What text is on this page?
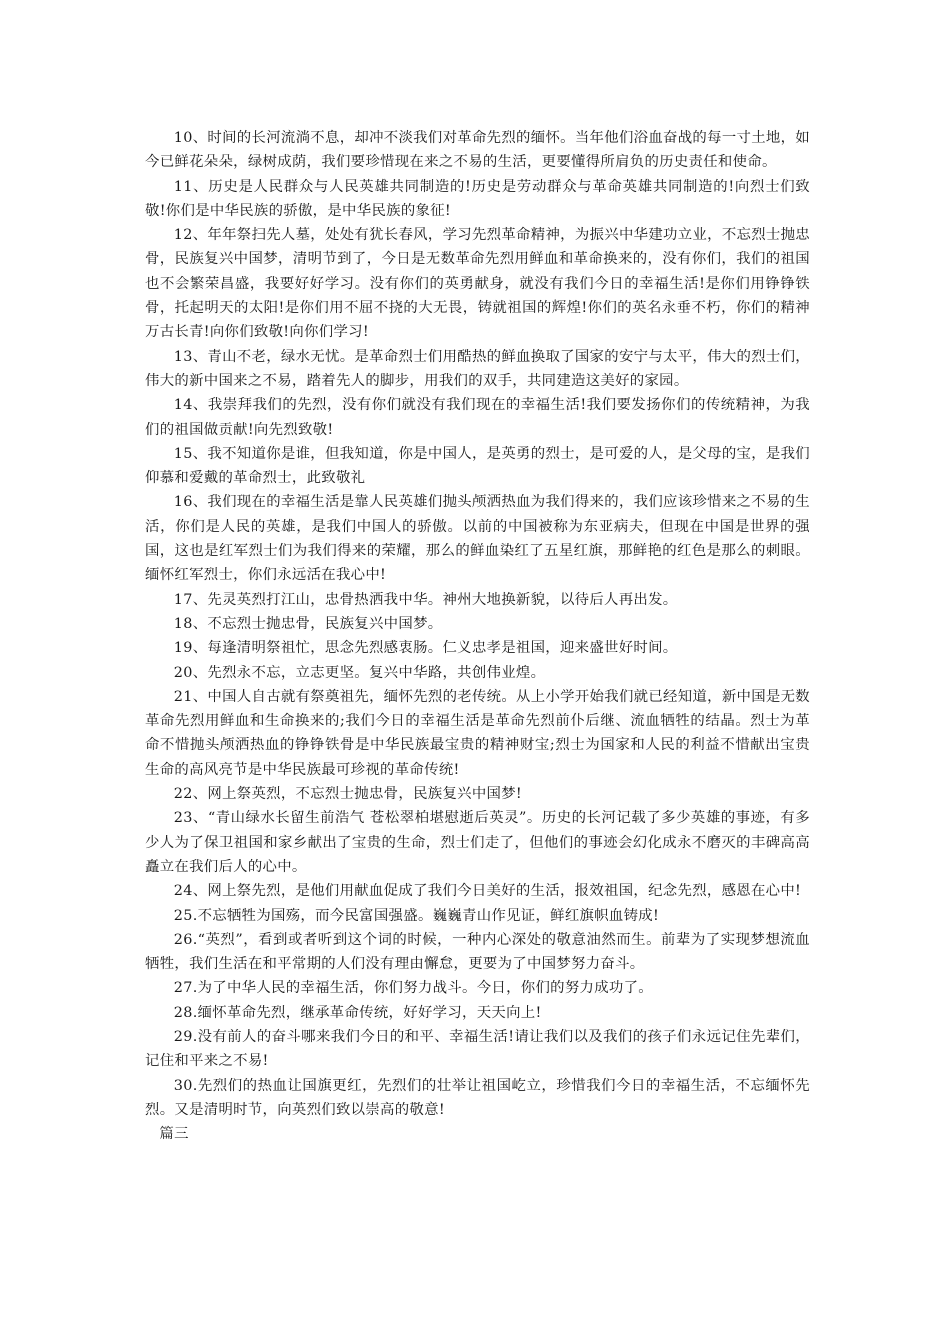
10、时间的长河流淌不息，却冲不淡我们对革命先烈的缅怀。当年他们浴血奋战的每一寸土地，如今已鲜花朵朵，绿树成荫，我们要珍惜现在来之不易的生活，更要懂得所肩负的历史责任和使命。

11、历史是人民群众与人民英雄共同制造的!历史是劳动群众与革命英雄共同制造的!向烈士们致敬!你们是中华民族的骄傲，是中华民族的象征!

12、年年祭扫先人墓，处处有犹长春风，学习先烈革命精神，为振兴中华建功立业，不忘烈士抛忠骨，民族复兴中国梦，清明节到了，今日是无数革命先烈用鲜血和革命换来的，没有你们，我们的祖国也不会繁荣昌盛，我要好好学习。没有你们的英勇献身，就没有我们今日的幸福生活!是你们用铮铮铁骨，托起明天的太阳!是你们用不屈不挠的大无畏，铸就祖国的辉煌!你们的英名永垂不朽，你们的精神万古长青!向你们致敬!向你们学习!

13、青山不老，绿水无忧。是革命烈士们用酷热的鲜血换取了国家的安宁与太平，伟大的烈士们，伟大的新中国来之不易，踏着先人的脚步，用我们的双手，共同建造这美好的家园。

14、我崇拜我们的先烈，没有你们就没有我们现在的幸福生活!我们要发扬你们的传统精神，为我们的祖国做贡献!向先烈致敬!

15、我不知道你是谁，但我知道，你是中国人，是英勇的烈士，是可爱的人，是父母的宝，是我们仰慕和爱戴的革命烈士，此致敬礼

16、我们现在的幸福生活是靠人民英雄们抛头颅洒热血为我们得来的，我们应该珍惜来之不易的生活，你们是人民的英雄，是我们中国人的骄傲。以前的中国被称为东亚病夫，但现在中国是世界的强国，这也是红军烈士们为我们得来的荣耀，那么的鲜血染红了五星红旗，那鲜艳的红色是那么的刺眼。 缅怀红军烈士，你们永远活在我心中!

17、先灵英烈打江山，忠骨热洒我中华。神州大地换新貌，以待后人再出发。

18、不忘烈士抛忠骨，民族复兴中国梦。

19、每逢清明祭祖忙，思念先烈感衷肠。仁义忠孝是祖国，迎来盛世好时间。

20、先烈永不忘，立志更坚。复兴中华路，共创伟业煌。

21、中国人自古就有祭奠祖先，缅怀先烈的老传统。从上小学开始我们就已经知道，新中国是无数革命先烈用鲜血和生命换来的;我们今日的幸福生活是革命先烈前仆后继、流血牺牲的结晶。烈士为革命不惜抛头颅洒热血的铮铮铁骨是中华民族最宝贵的精神财宝;烈士为国家和人民的利益不惜献出宝贵生命的高风亮节是中华民族最可珍视的革命传统!

22、网上祭英烈，不忘烈士抛忠骨，民族复兴中国梦!

23、“青山绿水长留生前浩气 苍松翠柏堪慰逝后英灵”。历史的长河记载了多少英雄的事迹，有多少人为了保卫祖国和家乡献出了宝贵的生命，烈士们走了，但他们的事迹会幻化成永不磨灭的丰碑高高矗立在我们后人的心中。

24、网上祭先烈，是他们用献血促成了我们今日美好的生活，报效祖国，纪念先烈，感恩在心中!

25.不忘牺牲为国殇，而今民富国强盛。巍巍青山作见证，鲜红旗帜血铸成!

26.“英烈”，看到或者听到这个词的时候，一种内心深处的敬意油然而生。前辈为了实现梦想流血牺牲，我们生活在和平常期的人们没有理由懈怠，更要为了中国梦努力奋斗。

27.为了中华人民的幸福生活，你们努力战斗。今日，你们的努力成功了。

28.缅怀革命先烈，继承革命传统，好好学习，天天向上!

29.没有前人的奋斗哪来我们今日的和平、幸福生活!请让我们以及我们的孩子们永远记住先辈们，记住和平来之不易!

30.先烈们的热血让国旗更红，先烈们的壮举让祖国屹立，珍惜我们今日的幸福生活，不忘缅怀先烈。又是清明时节，向英烈们致以崇高的敬意!

篇三
